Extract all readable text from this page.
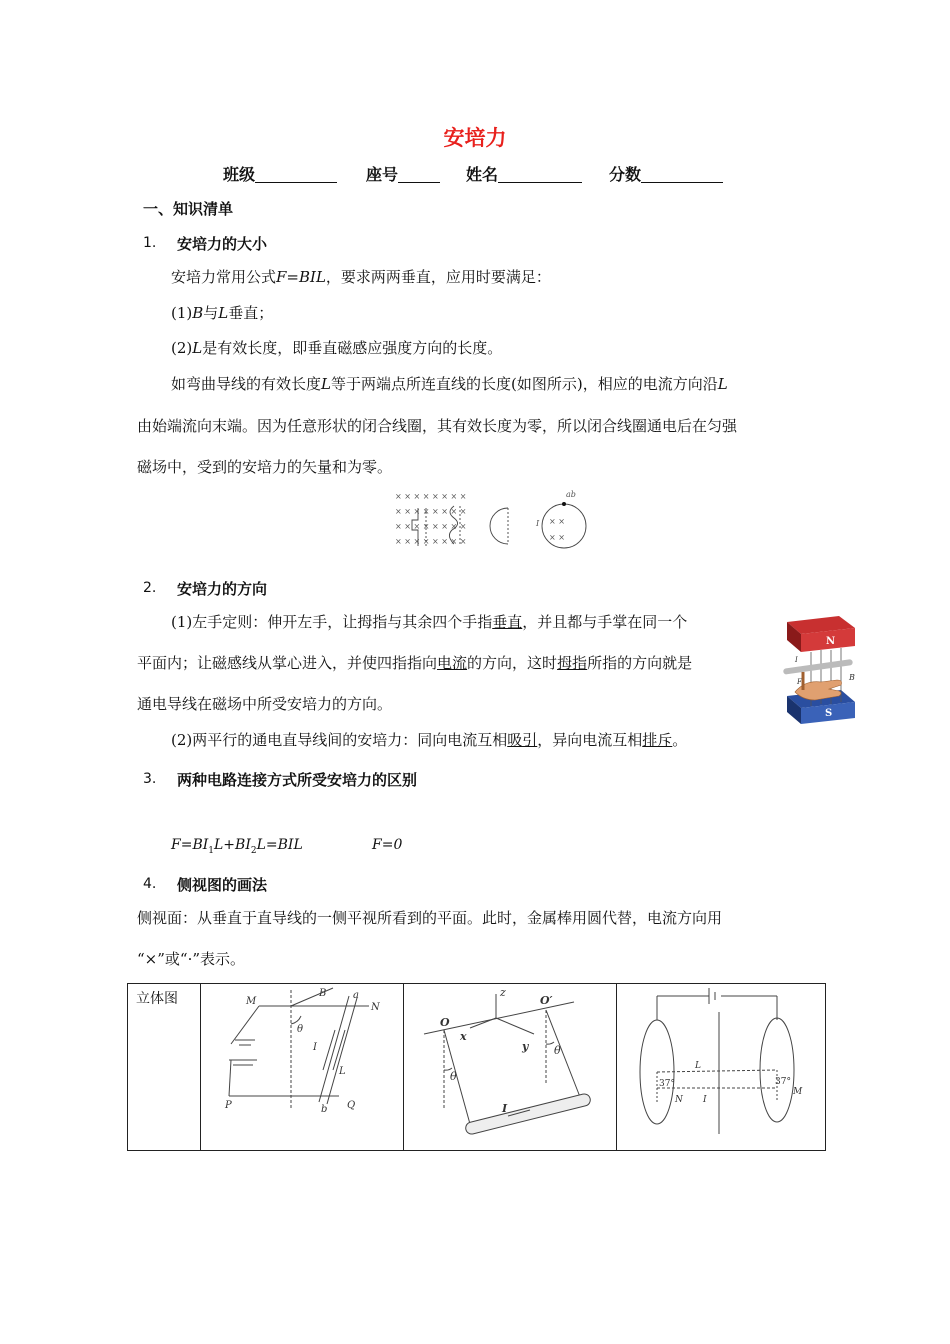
安培力
班级	座号	姓名	分数
一、知识清单
1. 安培力的大小
安培力常用公式F=BIL，要求两两垂直，应用时要满足：
(1)B与L垂直；
(2)L是有效长度，即垂直磁感应强度方向的长度。
如弯曲导线的有效长度L等于两端点所连直线的长度(如图所示)，相应的电流方向沿L
由始端流向末端。因为任意形状的闭合线圈，其有效长度为零，所以闭合线圈通电后在匀强
磁场中，受到的安培力的矢量和为零。
× × × × × × × ×
× × × × × × × ×
× × × × × × × ×
× × × × × × × ×
ab
I × ×
× ×
2. 安培力的方向
(1)左手定则：伸开左手，让拇指与其余四个手指垂直，并且都与手掌在同一个
平面内；让磁感线从掌心进入，并使四指指向电流的方向，这时拇指所指的方向就是
通电导线在磁场中所受安培力的方向。
(2)两平行的通电直导线间的安培力：同向电流互相吸引，异向电流互相排斥。
N
S
B
I
F
3. 两种电路连接方式所受安培力的区别
$F=BI_1L+BI_2L=BIL$	F=0
4. 侧视图的画法
侧视面：从垂直于直导线的一侧平视所看到的平面。此时，金属棒用圆代替，电流方向用
“×”或“·”表示。
立体图	M
N
P	Q
B	a
b
I
L
θ

z
O
O′
x
y
I
θ
θ

L
N
M
I
37°	37°
